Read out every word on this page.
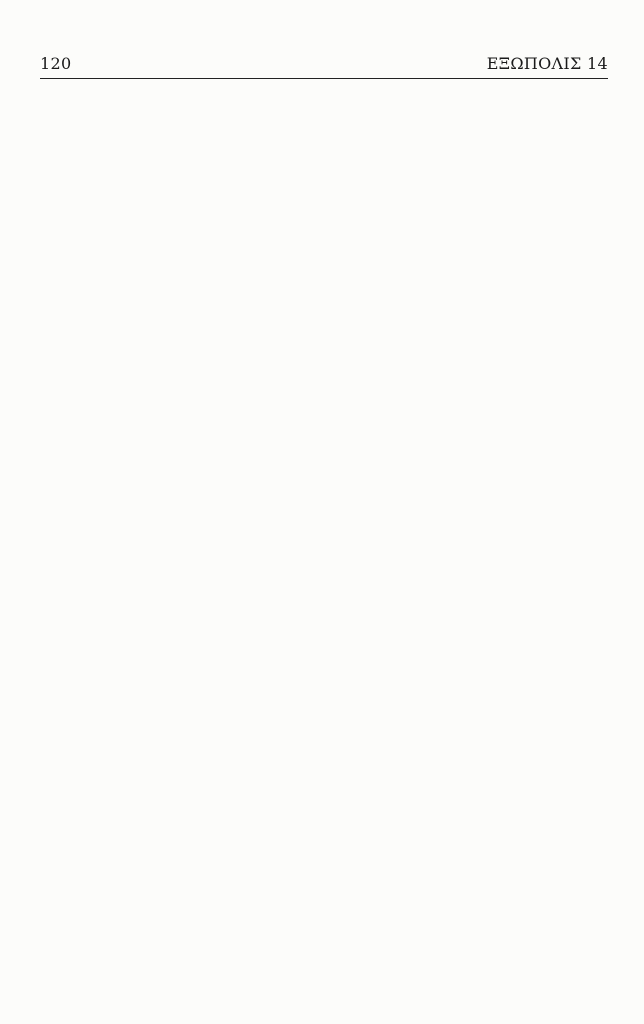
120	ΕΞΩΠΟΛΙΣ 14
